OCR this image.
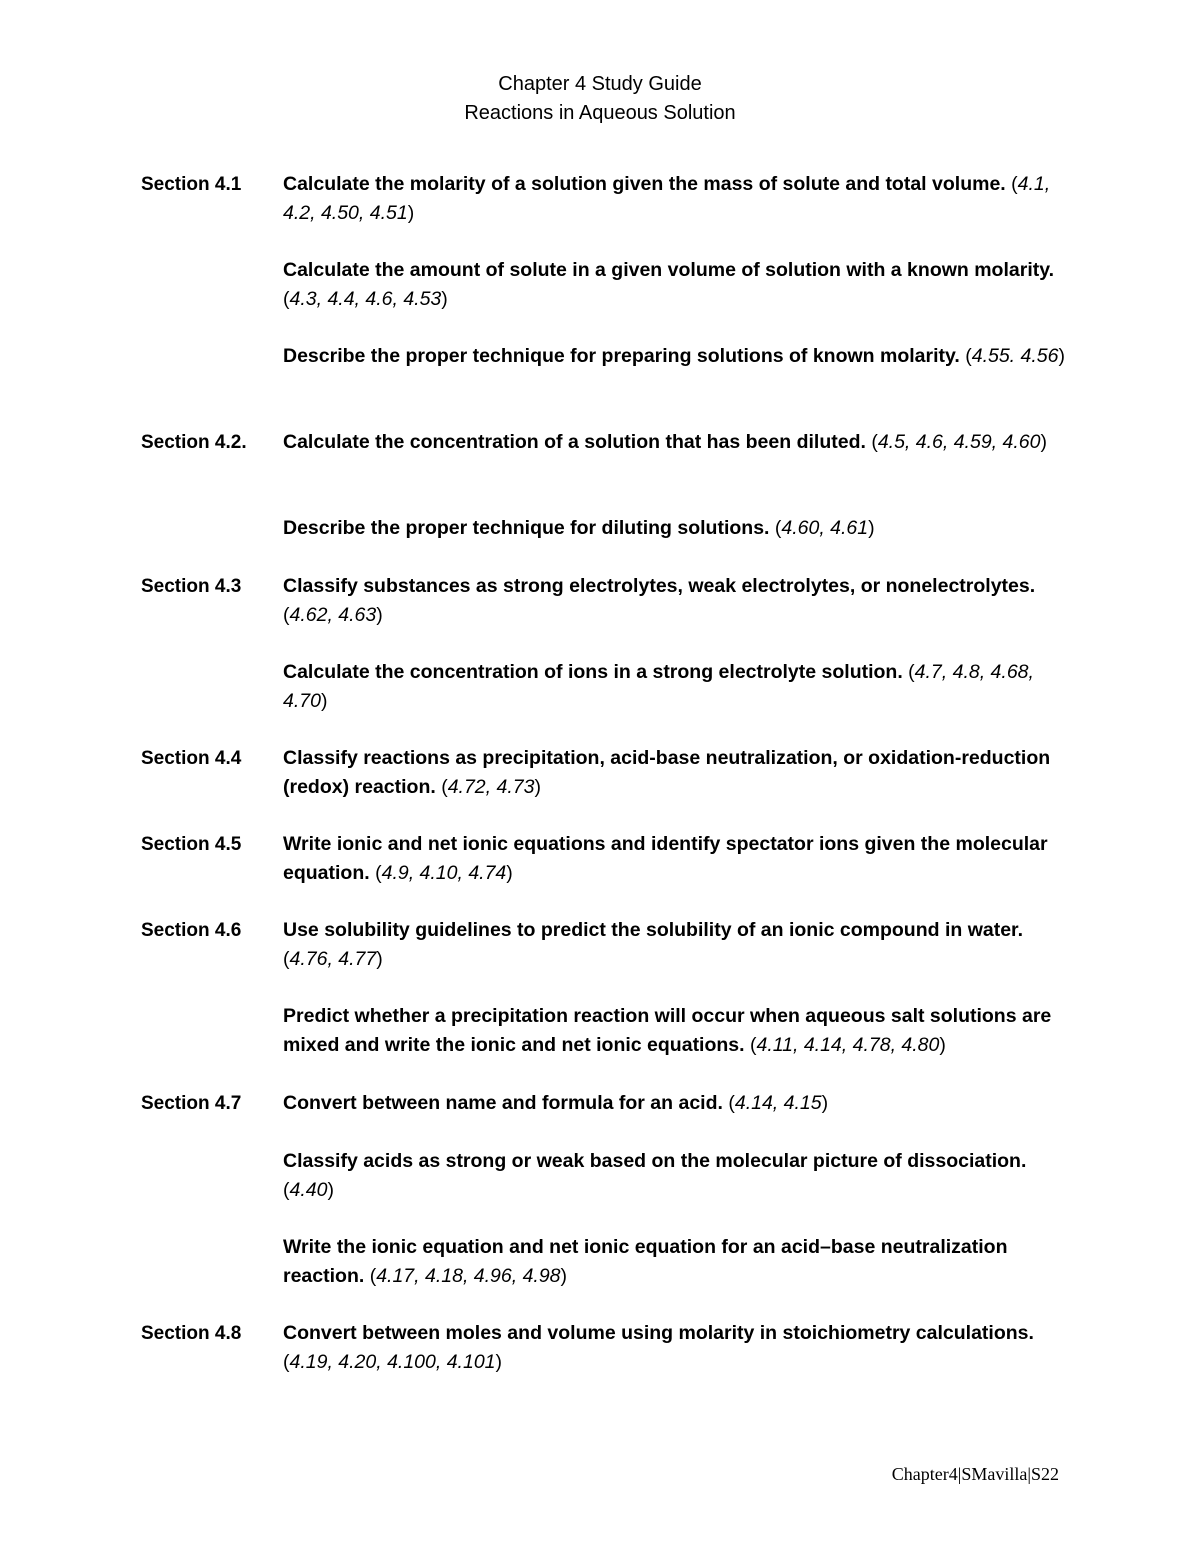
Chapter 4 Study Guide
Reactions in Aqueous Solution
Section 4.1	Calculate the molarity of a solution given the mass of solute and total volume. (4.1, 4.2, 4.50, 4.51)
Calculate the amount of solute in a given volume of solution with a known molarity. (4.3, 4.4, 4.6, 4.53)
Describe the proper technique for preparing solutions of known molarity. (4.55. 4.56)
Section 4.2.	Calculate the concentration of a solution that has been diluted. (4.5, 4.6, 4.59, 4.60)
Describe the proper technique for diluting solutions. (4.60, 4.61)
Section 4.3	Classify substances as strong electrolytes, weak electrolytes, or nonelectrolytes. (4.62, 4.63)
Calculate the concentration of ions in a strong electrolyte solution. (4.7, 4.8, 4.68, 4.70)
Section 4.4	Classify reactions as precipitation, acid-base neutralization, or oxidation-reduction (redox) reaction. (4.72, 4.73)
Section 4.5	Write ionic and net ionic equations and identify spectator ions given the molecular equation. (4.9, 4.10, 4.74)
Section 4.6	Use solubility guidelines to predict the solubility of an ionic compound in water. (4.76, 4.77)
Predict whether a precipitation reaction will occur when aqueous salt solutions are mixed and write the ionic and net ionic equations. (4.11, 4.14, 4.78, 4.80)
Section 4.7	Convert between name and formula for an acid. (4.14, 4.15)
Classify acids as strong or weak based on the molecular picture of dissociation. (4.40)
Write the ionic equation and net ionic equation for an acid–base neutralization reaction. (4.17, 4.18, 4.96, 4.98)
Section 4.8	Convert between moles and volume using molarity in stoichiometry calculations. (4.19, 4.20, 4.100, 4.101)
Chapter4|SMavilla|S22
